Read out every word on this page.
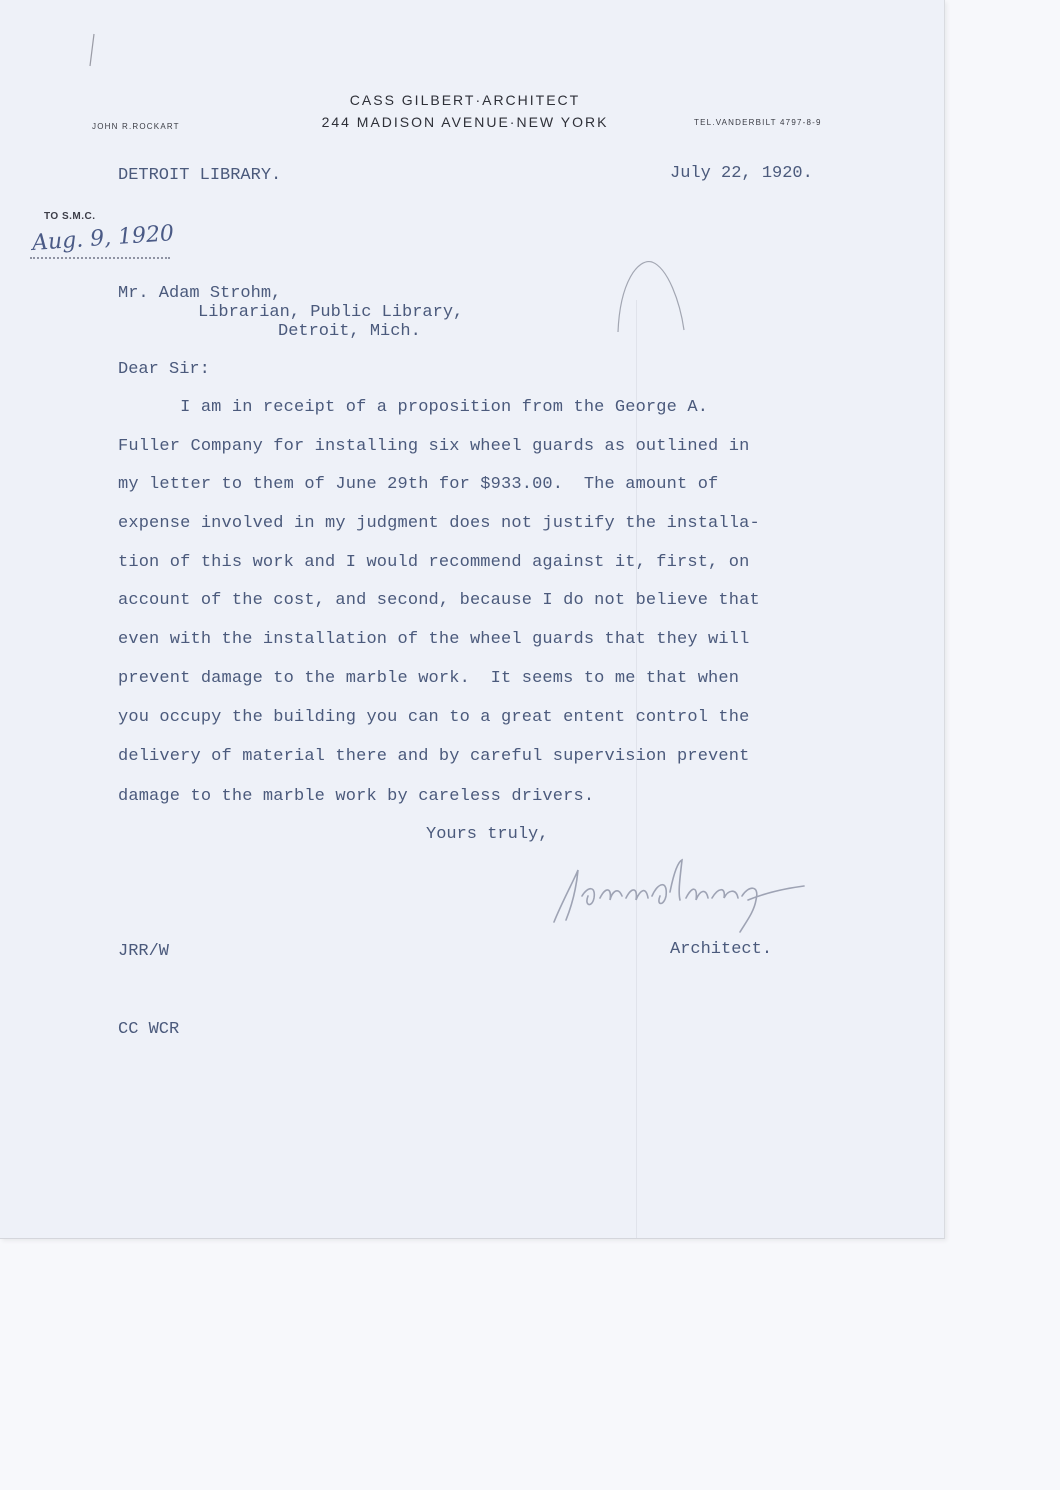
CASS GILBERT·ARCHITECT
244 MADISON AVENUE·NEW YORK
JOHN R.ROCKART	TEL.VANDERBILT 4797-8-9
DETROIT LIBRARY.	July 22, 1920.
TO S.M.C.
Aug. 9, 1920
Mr. Adam Strohm,
Librarian, Public Library,
Detroit, Mich.
Dear Sir:
I am in receipt of a proposition from the George A.
Fuller Company for installing six wheel guards as outlined in
my letter to them of June 29th for $933.00.  The amount of
expense involved in my judgment does not justify the installa-
tion of this work and I would recommend against it, first, on
account of the cost, and second, because I do not believe that
even with the installation of the wheel guards that they will
prevent damage to the marble work.  It seems to me that when
you occupy the building you can to a great entent control the
delivery of material there and by careful supervision prevent
damage to the marble work by careless drivers.
Yours truly,
JRR/W	Architect.
CC WCR
